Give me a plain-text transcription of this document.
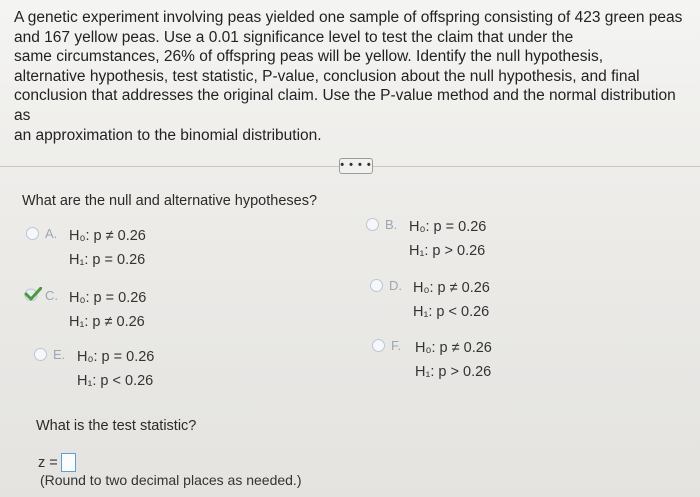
A genetic experiment involving peas yielded one sample of offspring consisting of 423 green peas
and 167 yellow peas. Use a 0.01 significance level to test the claim that under the
same circumstances, 26% of offspring peas will be yellow. Identify the null hypothesis,
alternative hypothesis, test statistic, P-value, conclusion about the null hypothesis, and final
conclusion that addresses the original claim. Use the P-value method and the normal distribution as
an approximation to the binomial distribution.
• • • •
What are the null and alternative hypotheses?
A. H₀: p ≠ 0.26
H₁: p = 0.26
B. H₀: p = 0.26
H₁: p > 0.26
C. H₀: p = 0.26
H₁: p ≠ 0.26
D. H₀: p ≠ 0.26
H₁: p < 0.26
E. H₀: p = 0.26
H₁: p < 0.26
F. H₀: p ≠ 0.26
H₁: p > 0.26
What is the test statistic?
z =
(Round to two decimal places as needed.)
